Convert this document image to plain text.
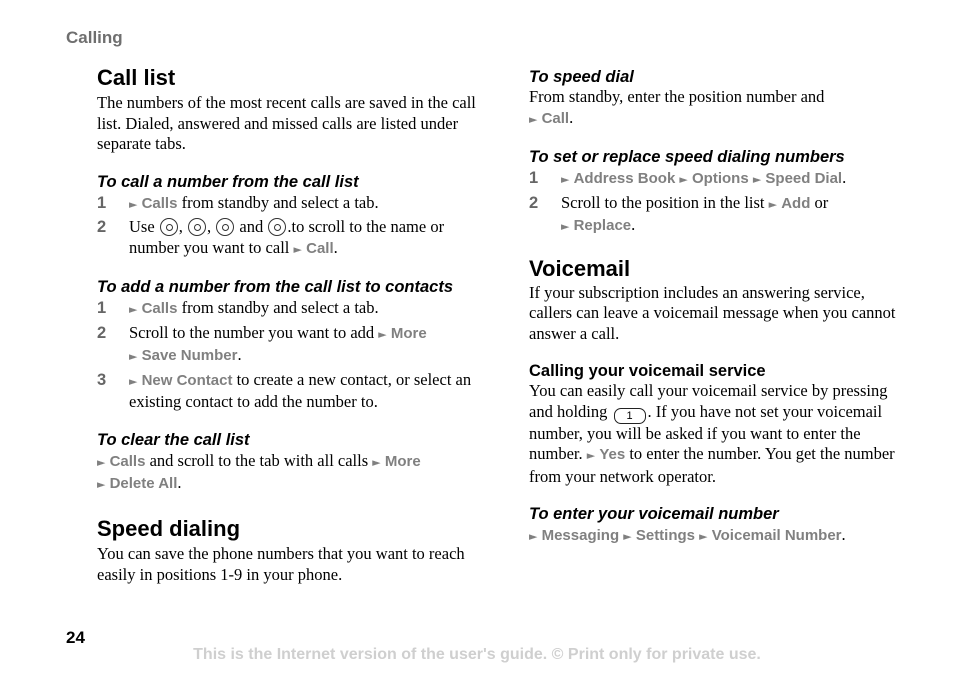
Calling
Call list

The numbers of the most recent calls are saved in the call list. Dialed, answered and missed calls are listed under separate tabs.

To call a number from the call list
1 ► Calls from standby and select a tab.
2 Use , ,  and .to scroll to the name or number you want to call ► Call.
To add a number from the call list to contacts
1 ► Calls from standby and select a tab.
2 Scroll to the number you want to add ► More
► Save Number.
3 ► New Contact to create a new contact, or select an existing contact to add the number to.
To clear the call list

► Calls and scroll to the tab with all calls ► More
► Delete All.

Speed dialing

You can save the phone numbers that you want to reach easily in positions 1-9 in your phone.

To speed dial

From standby, enter the position number and
► Call.

To set or replace speed dialing numbers
1 ► Address Book ► Options ► Speed Dial.
2 Scroll to the position in the list ► Add or
► Replace.
Voicemail

If your subscription includes an answering service, callers can leave a voicemail message when you cannot answer a call.

Calling your voicemail service

You can easily call your voicemail service by pressing and holding 1 . If you have not set your voicemail number, you will be asked if you want to enter the number. ► Yes to enter the number. You get the number from your network operator.

To enter your voicemail number

► Messaging ► Settings ► Voicemail Number.

24
This is the Internet version of the user's guide. © Print only for private use.
